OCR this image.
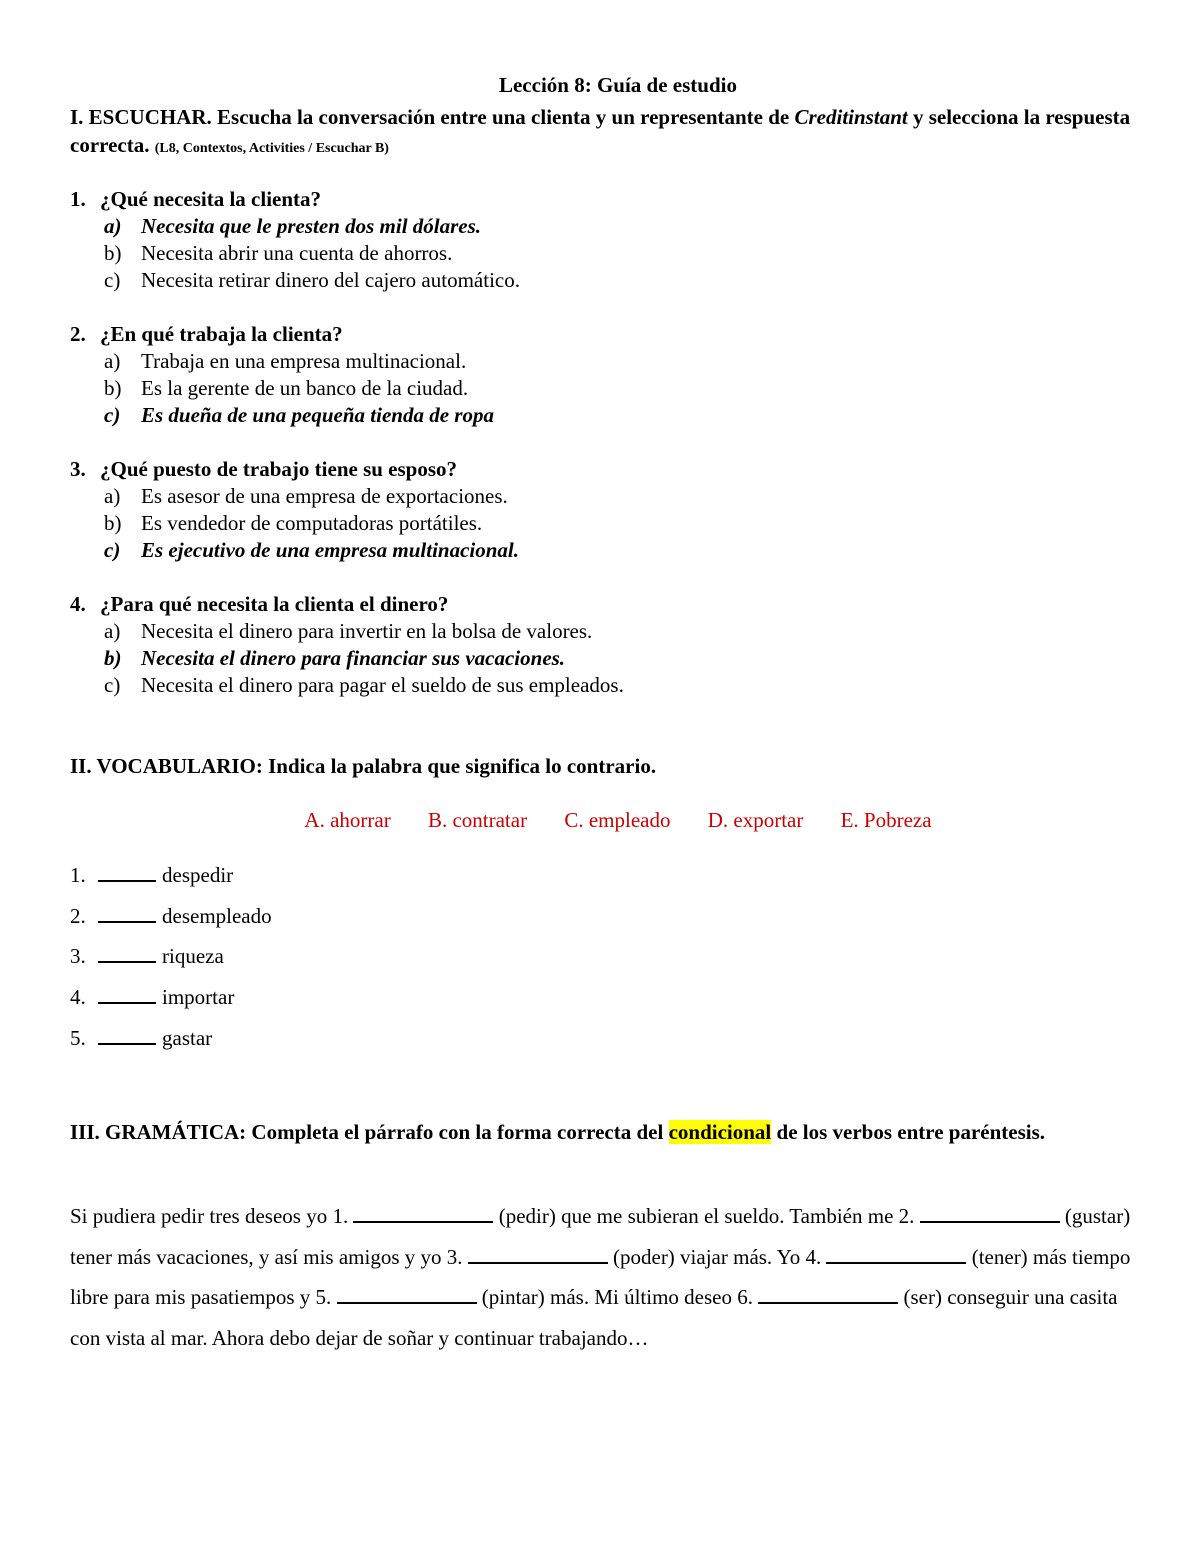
Lección 8: Guía de estudio
I. ESCUCHAR. Escucha la conversación entre una clienta y un representante de Creditinstant y selecciona la respuesta correcta. (L8, Contextos, Activities / Escuchar B)
1. ¿Qué necesita la clienta?
a) Necesita que le presten dos mil dólares.
b) Necesita abrir una cuenta de ahorros.
c) Necesita retirar dinero del cajero automático.
2. ¿En qué trabaja la clienta?
a) Trabaja en una empresa multinacional.
b) Es la gerente de un banco de la ciudad.
c) Es dueña de una pequeña tienda de ropa
3. ¿Qué puesto de trabajo tiene su esposo?
a) Es asesor de una empresa de exportaciones.
b) Es vendedor de computadoras portátiles.
c) Es ejecutivo de una empresa multinacional.
4. ¿Para qué necesita la clienta el dinero?
a) Necesita el dinero para invertir en la bolsa de valores.
b) Necesita el dinero para financiar sus vacaciones.
c) Necesita el dinero para pagar el sueldo de sus empleados.
II. VOCABULARIO: Indica la palabra que significa lo contrario.
A. ahorrar B. contratar C. empleado D. exportar E. Pobreza
1.	despedir
2.	desempleado
3.	riqueza
4.	importar
5.	gastar
III. GRAMÁTICA: Completa el párrafo con la forma correcta del condicional de los verbos entre paréntesis.
Si pudiera pedir tres deseos yo 1.	(pedir) que me subieran el sueldo. También me 2.	(gustar) tener más vacaciones, y así mis amigos y yo 3.	(poder) viajar más. Yo 4.	(tener) más tiempo libre para mis pasatiempos y 5.	(pintar) más. Mi último deseo 6.	(ser) conseguir una casita con vista al mar. Ahora debo dejar de soñar y continuar trabajando…
